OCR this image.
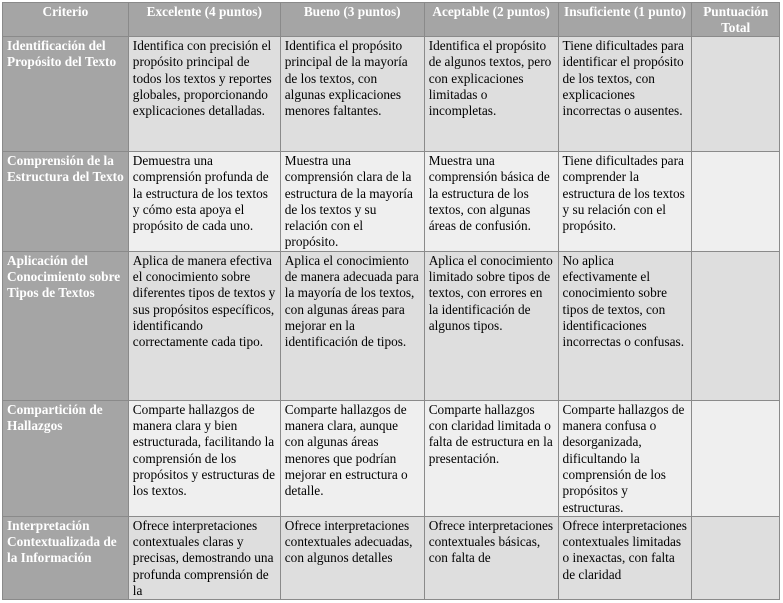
Criterio	Excelente (4 puntos)	Bueno (3 puntos)	Aceptable (2 puntos)	Insuficiente (1 punto)	Puntuación Total
Identificación del Propósito del Texto	Identifica con precisión el propósito principal de todos los textos y reportes globales, proporcionando explicaciones detalladas.	Identifica el propósito principal de la mayoría de los textos, con algunas explicaciones menores faltantes.	Identifica el propósito de algunos textos, pero con explicaciones limitadas o incompletas.	Tiene dificultades para identificar el propósito de los textos, con explicaciones incorrectas o ausentes.	
Comprensión de la Estructura del Texto	Demuestra una comprensión profunda de la estructura de los textos y cómo esta apoya el propósito de cada uno.	Muestra una comprensión clara de la estructura de la mayoría de los textos y su relación con el propósito.	Muestra una comprensión básica de la estructura de los textos, con algunas áreas de confusión.	Tiene dificultades para comprender la estructura de los textos y su relación con el propósito.	
Aplicación del Conocimiento sobre Tipos de Textos	Aplica de manera efectiva el conocimiento sobre diferentes tipos de textos y sus propósitos específicos, identificando correctamente cada tipo.	Aplica el conocimiento de manera adecuada para la mayoría de los textos, con algunas áreas para mejorar en la identificación de tipos.	Aplica el conocimiento limitado sobre tipos de textos, con errores en la identificación de algunos tipos.	No aplica efectivamente el conocimiento sobre tipos de textos, con identificaciones incorrectas o confusas.	
Compartición de Hallazgos	Comparte hallazgos de manera clara y bien estructurada, facilitando la comprensión de los propósitos y estructuras de los textos.	Comparte hallazgos de manera clara, aunque con algunas áreas menores que podrían mejorar en estructura o detalle.	Comparte hallazgos con claridad limitada o falta de estructura en la presentación.	Comparte hallazgos de manera confusa o desorganizada, dificultando la comprensión de los propósitos y estructuras.	
Interpretación Contextualizada de la Información	Ofrece interpretaciones contextuales claras y precisas, demostrando una profunda comprensión de la	Ofrece interpretaciones contextuales adecuadas, con algunos detalles	Ofrece interpretaciones contextuales básicas, con falta de	Ofrece interpretaciones contextuales limitadas o inexactas, con falta de claridad	
